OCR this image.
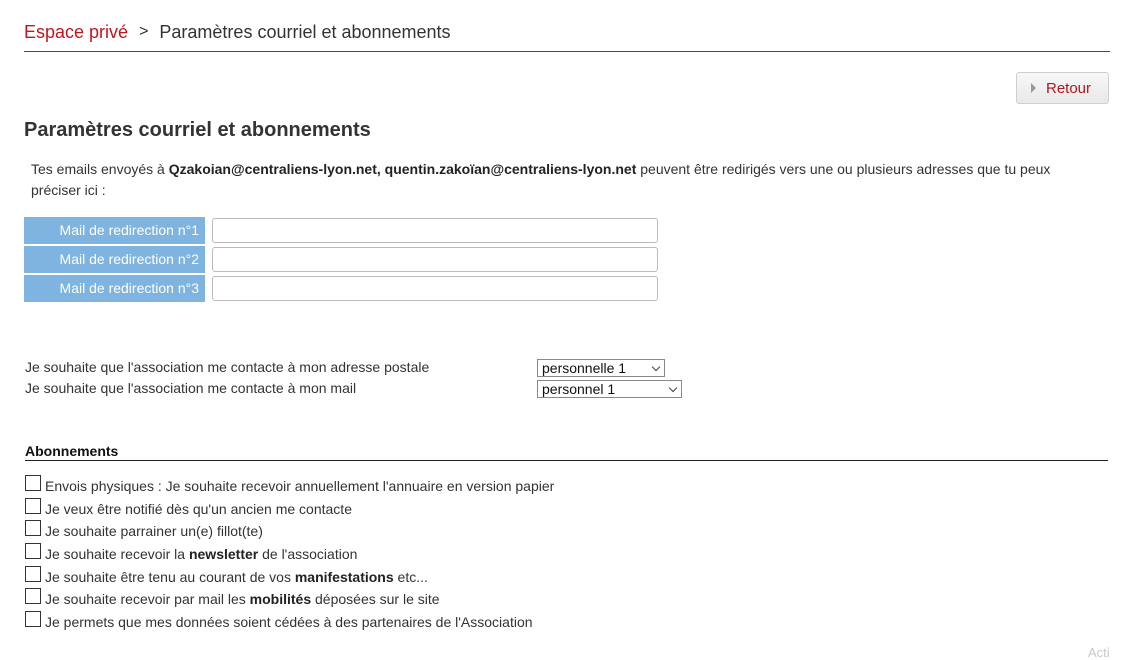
Espace privé > Paramètres courriel et abonnements
Retour
Paramètres courriel et abonnements
Tes emails envoyés à Qzakoian@centraliens-lyon.net, quentin.zakoïan@centraliens-lyon.net peuvent être redirigés vers une ou plusieurs adresses que tu peux préciser ici :
Mail de redirection n°1
Mail de redirection n°2
Mail de redirection n°3
Je souhaite que l'association me contacte à mon adresse postale	personnelle 1
Je souhaite que l'association me contacte à mon mail	personnel 1
Abonnements
Envois physiques : Je souhaite recevoir annuellement l'annuaire en version papier
Je veux être notifié dès qu'un ancien me contacte
Je souhaite parrainer un(e) fillot(te)
Je souhaite recevoir la newsletter de l'association
Je souhaite être tenu au courant de vos manifestations etc...
Je souhaite recevoir par mail les mobilités déposées sur le site
Je permets que mes données soient cédées à des partenaires de l'Association
Acti
